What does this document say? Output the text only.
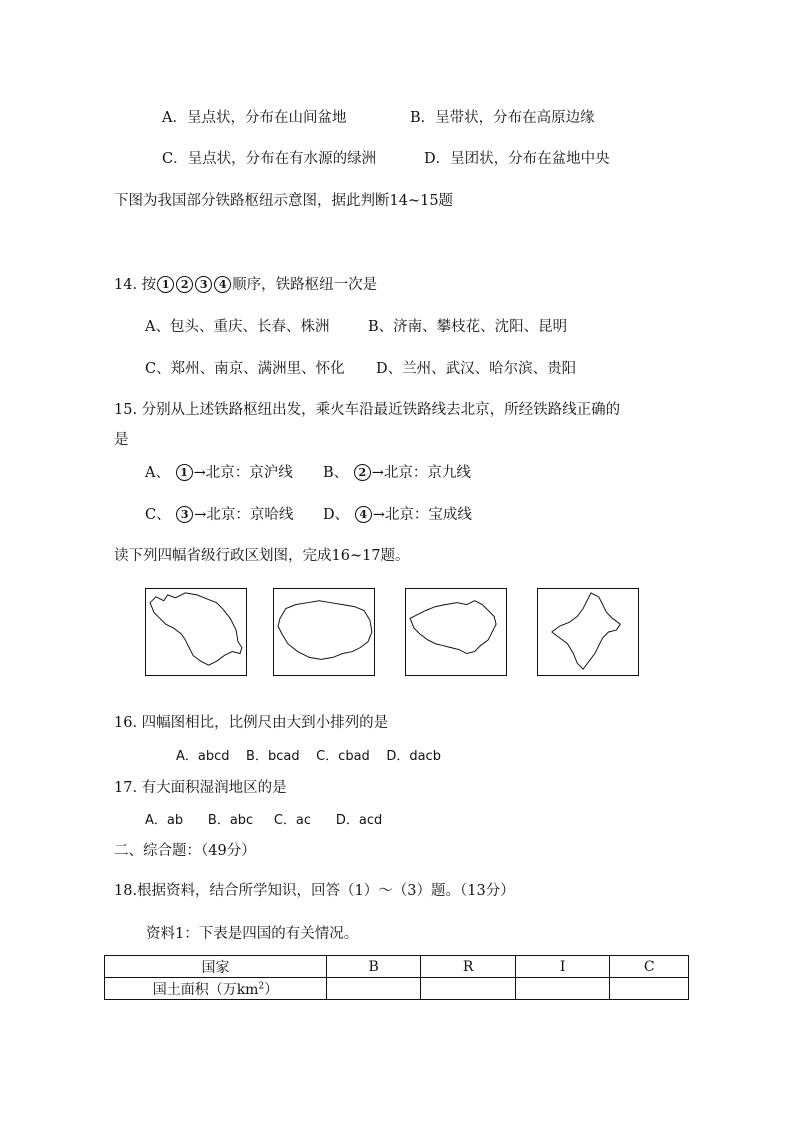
A．呈点状，分布在山间盆地	B．呈带状，分布在高原边缘
C．呈点状，分布在有水源的绿洲	D．呈团状，分布在盆地中央
下图为我国部分铁路枢纽示意图，据此判断14~15题
14. 按 1 2 3 4 顺序，铁路枢纽一次是
A、包头、重庆、长春、株洲	B、济南、攀枝花、沈阳、昆明
C、郑州、南京、满洲里、怀化 D、兰州、武汉、哈尔滨、贵阳
15. 分别从上述铁路枢纽出发，乘火车沿最近铁路线去北京，所经铁路线正确的
是
A、 1 →北京：京沪线 B、 2 →北京：京九线
C、 3 →北京：京哈线 D、 4 →北京：宝成线
读下列四幅省级行政区划图，完成16~17题。
16. 四幅图相比，比例尺由大到小排列的是
A．abcd    B．bcad    C．cbad    D．dacb
17. 有大面积湿润地区的是
A．ab      B．abc     C．ac      D．acd
二、综合题：（49分）
18.根据资料，结合所学知识，回答（1）～（3）题。（13分）
资料1：下表是四国的有关情况。
国家	B	R	I	C
国土面积（万$km^2$）				
